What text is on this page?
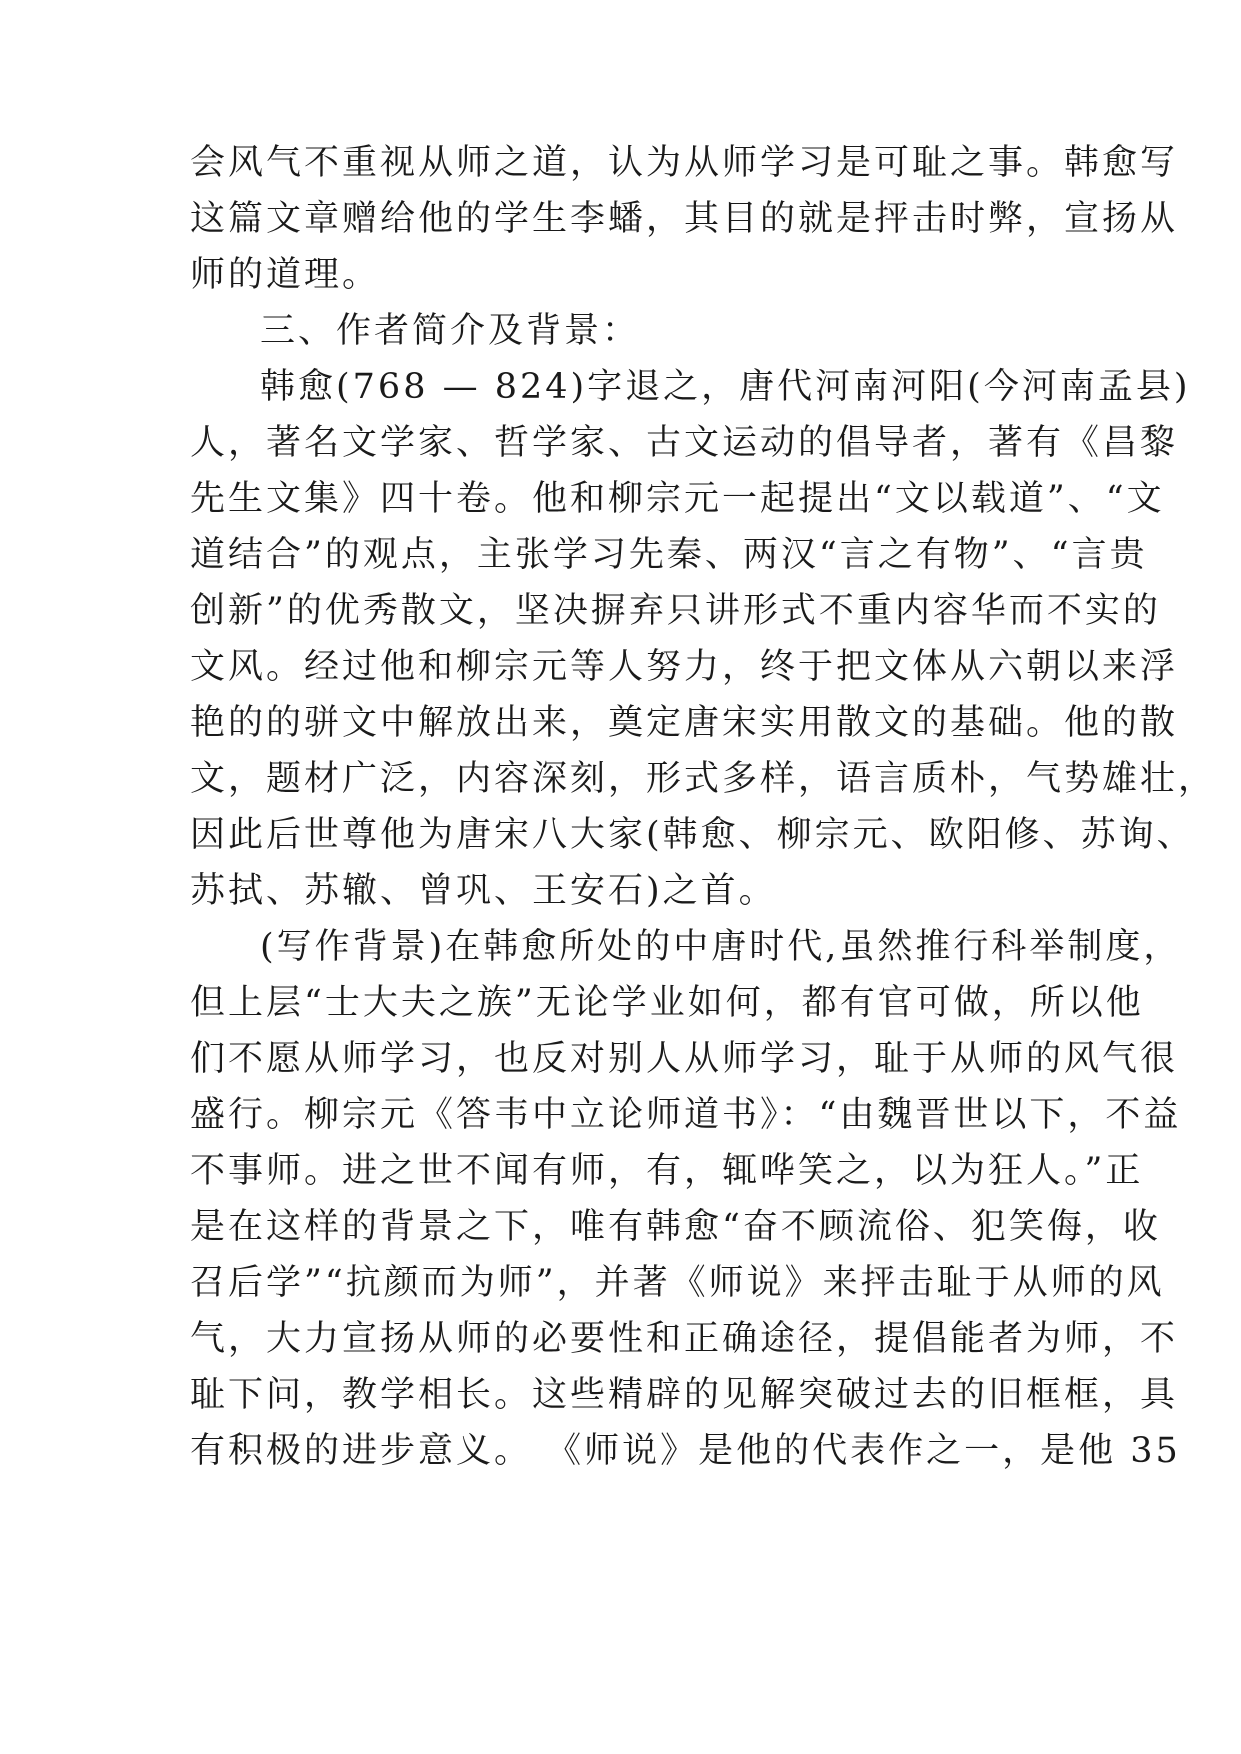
会风气不重视从师之道，认为从师学习是可耻之事。韩愈写
这篇文章赠给他的学生李蟠，其目的就是抨击时弊，宣扬从
师的道理。
三、作者简介及背景：
韩愈(768 — 824)字退之，唐代河南河阳(今河南孟县)
人，著名文学家、哲学家、古文运动的倡导者，著有《昌黎
先生文集》四十卷。他和柳宗元一起提出“文以载道”、“文
道结合”的观点，主张学习先秦、两汉“言之有物”、“言贵
创新”的优秀散文，坚决摒弃只讲形式不重内容华而不实的
文风。经过他和柳宗元等人努力，终于把文体从六朝以来浮
艳的的骈文中解放出来，奠定唐宋实用散文的基础。他的散
文，题材广泛，内容深刻，形式多样，语言质朴，气势雄壮，
因此后世尊他为唐宋八大家(韩愈、柳宗元、欧阳修、苏询、
苏拭、苏辙、曾巩、王安石)之首。
(写作背景)在韩愈所处的中唐时代,虽然推行科举制度，
但上层“士大夫之族”无论学业如何，都有官可做，所以他
们不愿从师学习，也反对别人从师学习，耻于从师的风气很
盛行。柳宗元《答韦中立论师道书》：“由魏晋世以下，不益
不事师。进之世不闻有师，有，辄哗笑之，以为狂人。”正
是在这样的背景之下，唯有韩愈“奋不顾流俗、犯笑侮，收
召后学”“抗颜而为师”，并著《师说》来抨击耻于从师的风
气，大力宣扬从师的必要性和正确途径，提倡能者为师，不
耻下问，教学相长。这些精辟的见解突破过去的旧框框，具
有积极的进步意义。 《师说》是他的代表作之一，是他 35
